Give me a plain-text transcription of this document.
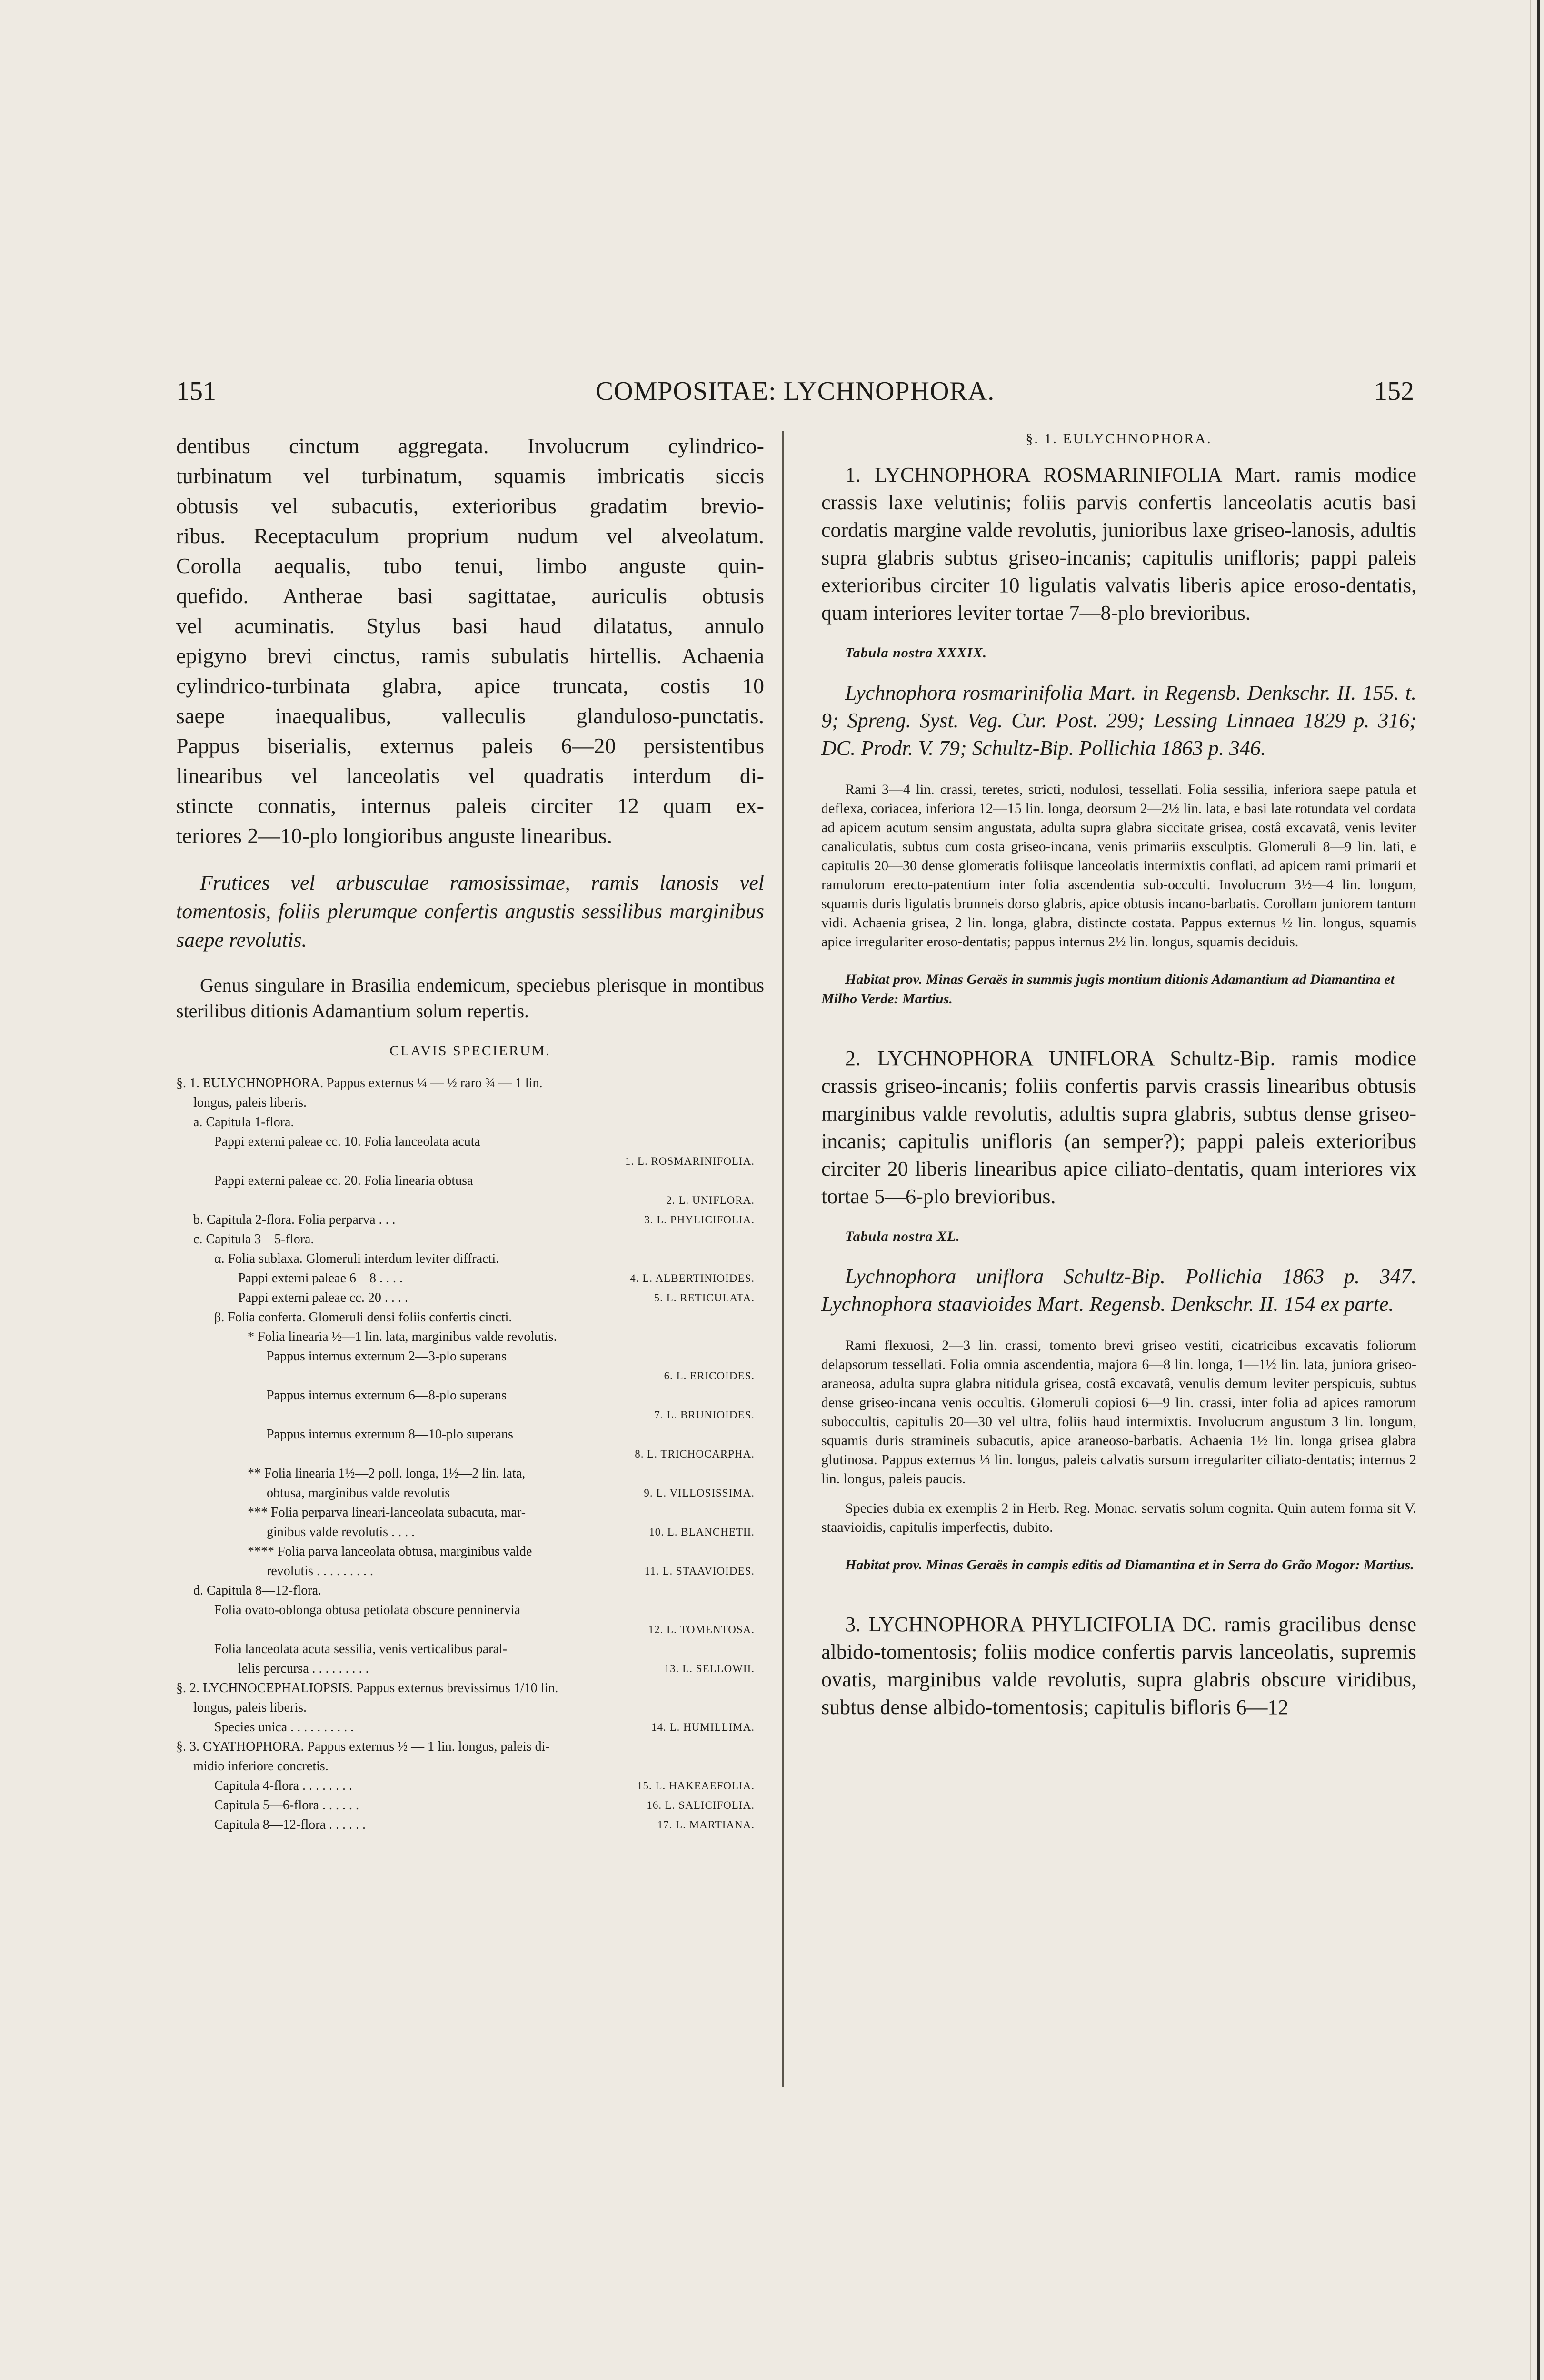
151	COMPOSITAE: LYCHNOPHORA.	152

dentibus cinctum aggregata. Involucrum cylindrico-

turbinatum vel turbinatum, squamis imbricatis siccis

obtusis vel subacutis, exterioribus gradatim brevio-

ribus. Receptaculum proprium nudum vel alveolatum.

Corolla aequalis, tubo tenui, limbo anguste quin-

quefido. Antherae basi sagittatae, auriculis obtusis

vel acuminatis. Stylus basi haud dilatatus, annulo

epigyno brevi cinctus, ramis subulatis hirtellis. Achaenia

cylindrico-turbinata glabra, apice truncata, costis 10

saepe inaequalibus, valleculis glanduloso-punctatis.

Pappus biserialis, externus paleis 6—20 persistentibus

linearibus vel lanceolatis vel quadratis interdum di-

stincte connatis, internus paleis circiter 12 quam ex-

teriores 2—10-plo longioribus anguste linearibus.

Frutices vel arbusculae ramosissimae, ramis lanosis vel tomentosis, foliis plerumque confertis angustis sessilibus marginibus saepe revolutis.

Genus singulare in Brasilia endemicum, speciebus plerisque in montibus sterilibus ditionis Adamantium solum repertis.

CLAVIS SPECIERUM.

§. 1. EULYCHNOPHORA. Pappus externus ¼ — ½ raro ¾ — 1 lin.

longus, paleis liberis.

a. Capitula 1-flora.

Pappi externi paleae cc. 10. Folia lanceolata acuta

1. L. ROSMARINIFOLIA.

Pappi externi paleae cc. 20. Folia linearia obtusa

2. L. UNIFLORA.

b. Capitula 2-flora. Folia perparva . . .	3. L. PHYLICIFOLIA.

c. Capitula 3—5-flora.

α. Folia sublaxa. Glomeruli interdum leviter diffracti.

Pappi externi paleae 6—8 . . . .	4. L. ALBERTINIOIDES.

Pappi externi paleae cc. 20 . . . .	5. L. RETICULATA.

β. Folia conferta. Glomeruli densi foliis confertis cincti.

* Folia linearia ½—1 lin. lata, marginibus valde revolutis.

Pappus internus externum 2—3-plo superans

6. L. ERICOIDES.

Pappus internus externum 6—8-plo superans

7. L. BRUNIOIDES.

Pappus internus externum 8—10-plo superans

8. L. TRICHOCARPHA.

** Folia linearia 1½—2 poll. longa, 1½—2 lin. lata,

obtusa, marginibus valde revolutis	9. L. VILLOSISSIMA.

*** Folia perparva lineari-lanceolata subacuta, mar-

ginibus valde revolutis . . . .	10. L. BLANCHETII.

**** Folia parva lanceolata obtusa, marginibus valde

revolutis . . . . . . . . .	11. L. STAAVIOIDES.

d. Capitula 8—12-flora.

Folia ovato-oblonga obtusa petiolata obscure penninervia

12. L. TOMENTOSA.

Folia lanceolata acuta sessilia, venis verticalibus paral-

lelis percursa . . . . . . . . .	13. L. SELLOWII.

§. 2. LYCHNOCEPHALIOPSIS. Pappus externus brevissimus 1/10 lin.

longus, paleis liberis.

Species unica . . . . . . . . . .	14. L. HUMILLIMA.

§. 3. CYATHOPHORA. Pappus externus ½ — 1 lin. longus, paleis di-

midio inferiore concretis.

Capitula 4-flora . . . . . . . .	15. L. HAKEAEFOLIA.

Capitula 5—6-flora . . . . . .	16. L. SALICIFOLIA.

Capitula 8—12-flora . . . . . .	17. L. MARTIANA.

§. 1. EULYCHNOPHORA.

1. LYCHNOPHORA ROSMARINIFOLIA Mart. ramis modice crassis laxe velutinis; foliis parvis confertis lanceolatis acutis basi cordatis margine valde revolutis, junioribus laxe griseo-lanosis, adultis supra glabris subtus griseo-incanis; capitulis unifloris; pappi paleis exterioribus circiter 10 ligulatis valvatis liberis apice eroso-dentatis, quam interiores leviter tortae 7—8-plo brevioribus.

Tabula nostra XXXIX.

Lychnophora rosmarinifolia Mart. in Regensb. Denkschr. II. 155. t. 9; Spreng. Syst. Veg. Cur. Post. 299; Lessing Linnaea 1829 p. 316; DC. Prodr. V. 79; Schultz-Bip. Pollichia 1863 p. 346.

Rami 3—4 lin. crassi, teretes, stricti, nodulosi, tessellati. Folia sessilia, inferiora saepe patula et deflexa, coriacea, inferiora 12—15 lin. longa, deorsum 2—2½ lin. lata, e basi late rotundata vel cordata ad apicem acutum sensim angustata, adulta supra glabra siccitate grisea, costâ excavatâ, venis leviter canaliculatis, subtus cum costa griseo-incana, venis primariis exsculptis. Glomeruli 8—9 lin. lati, e capitulis 20—30 dense glomeratis foliisque lanceolatis intermixtis conflati, ad apicem rami primarii et ramulorum erecto-patentium inter folia ascendentia sub-occulti. Involucrum 3½—4 lin. longum, squamis duris ligulatis brunneis dorso glabris, apice obtusis incano-barbatis. Corollam juniorem tantum vidi. Achaenia grisea, 2 lin. longa, glabra, distincte costata. Pappus externus ½ lin. longus, squamis apice irregulariter eroso-dentatis; pappus internus 2½ lin. longus, squamis deciduis.

Habitat prov. Minas Geraës in summis jugis montium ditionis Adamantium ad Diamantina et Milho Verde: Martius.

2. LYCHNOPHORA UNIFLORA Schultz-Bip. ramis modice crassis griseo-incanis; foliis confertis parvis crassis linearibus obtusis marginibus valde revolutis, adultis supra glabris, subtus dense griseo-incanis; capitulis unifloris (an semper?); pappi paleis exterioribus circiter 20 liberis linearibus apice ciliato-dentatis, quam interiores vix tortae 5—6-plo brevioribus.

Tabula nostra XL.

Lychnophora uniflora Schultz-Bip. Pollichia 1863 p. 347. Lychnophora staavioides Mart. Regensb. Denkschr. II. 154 ex parte.

Rami flexuosi, 2—3 lin. crassi, tomento brevi griseo vestiti, cicatricibus excavatis foliorum delapsorum tessellati. Folia omnia ascendentia, majora 6—8 lin. longa, 1—1½ lin. lata, juniora griseo-araneosa, adulta supra glabra nitidula grisea, costâ excavatâ, venulis demum leviter perspicuis, subtus dense griseo-incana venis occultis. Glomeruli copiosi 6—9 lin. crassi, inter folia ad apices ramorum suboccultis, capitulis 20—30 vel ultra, foliis haud intermixtis. Involucrum angustum 3 lin. longum, squamis duris stramineis subacutis, apice araneoso-barbatis. Achaenia 1½ lin. longa grisea glabra glutinosa. Pappus externus ⅓ lin. longus, paleis calvatis sursum irregulariter ciliato-dentatis; internus 2 lin. longus, paleis paucis.

Species dubia ex exemplis 2 in Herb. Reg. Monac. servatis solum cognita. Quin autem forma sit V. staavioidis, capitulis imperfectis, dubito.

Habitat prov. Minas Geraës in campis editis ad Diamantina et in Serra do Grão Mogor: Martius.

3. LYCHNOPHORA PHYLICIFOLIA DC. ramis gracilibus dense albido-tomentosis; foliis modice confertis parvis lanceolatis, supremis ovatis, marginibus valde revolutis, supra glabris obscure viridibus, subtus dense albido-tomentosis; capitulis bifloris 6—12
